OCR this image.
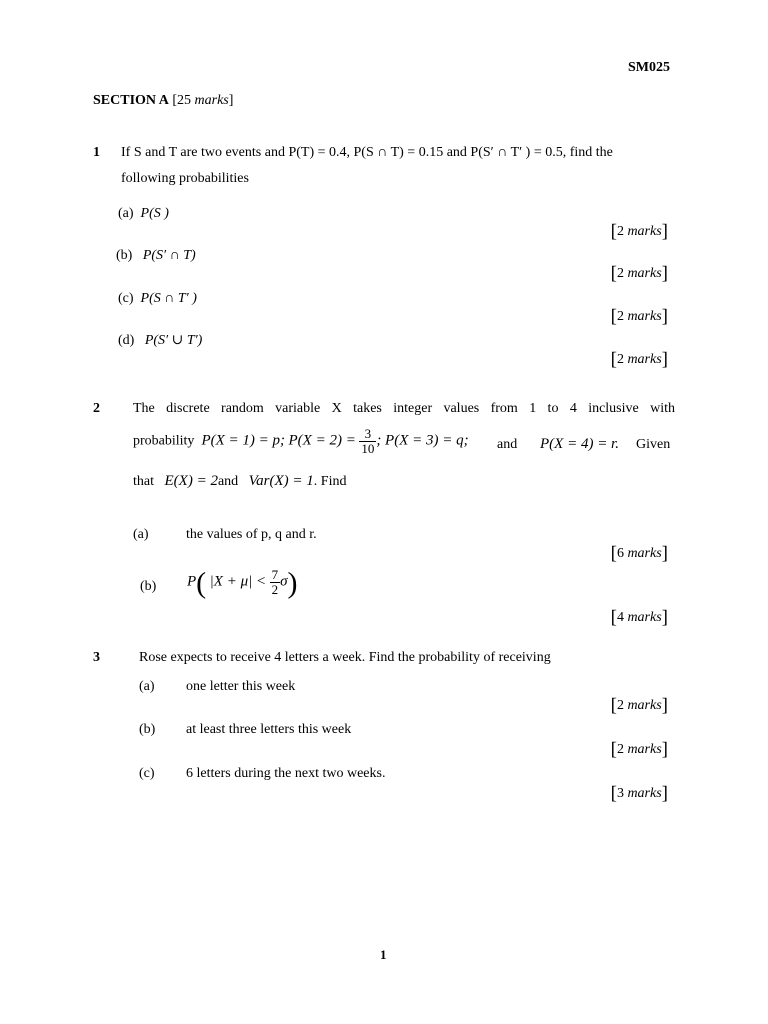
SM025
SECTION A [25 marks]
1 If S and T are two events and P(T) = 0.4, P(S ∩ T) = 0.15 and P(S′ ∩ T′ ) = 0.5, find the
following probabilities
(a) P(S )
[2 marks]
(b) P(S′ ∩ T)
[2 marks]
(c) P(S ∩ T′ )
[2 marks]
(d) P(S′ ∪ T′)
[2 marks]
2 The discrete random variable X takes integer values from 1 to 4 inclusive with
probability P(X = 1) = p; $P(X = 2) = \frac{3}{10}$ ; P(X = 3) = q; and P(X = 4) = r. Given
that E(X) = 2and Var(X) = 1. Find
(a)	the values of p, q and r.
[6 marks]
(b) P( $|X + \mu| < \frac{7}{2} \sigma$)
[4 marks]
3	Rose expects to receive 4 letters a week. Find the probability of receiving
(a) one letter this week
[2 marks]
(b) at least three letters this week
[2 marks]
(c) 6 letters during the next two weeks.
[3 marks]
1
